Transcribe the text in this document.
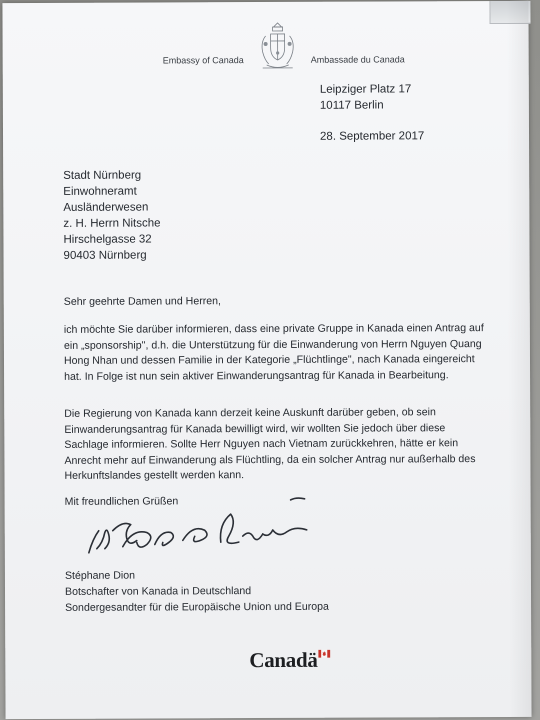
Embassy of Canada	Ambassade du Canada
Leipziger Platz 17
10117 Berlin
28. September 2017
Stadt Nürnberg
Einwohneramt
Ausländerwesen
z. H. Herrn Nitsche
Hirschelgasse 32
90403 Nürnberg
Sehr geehrte Damen und Herren,

ich möchte Sie darüber informieren, dass eine private Gruppe in Kanada einen Antrag auf ein „sponsorship", d.h. die Unterstützung für die Einwanderung von Herrn Nguyen Quang Hong Nhan und dessen Familie in der Kategorie „Flüchtlinge", nach Kanada eingereicht hat. In Folge ist nun sein aktiver Einwanderungsantrag für Kanada in Bearbeitung.

Die Regierung von Kanada kann derzeit keine Auskunft darüber geben, ob sein Einwanderungsantrag für Kanada bewilligt wird, wir wollten Sie jedoch über diese Sachlage informieren. Sollte Herr Nguyen nach Vietnam zurückkehren, hätte er kein Anrecht mehr auf Einwanderung als Flüchtling, da ein solcher Antrag nur außerhalb des Herkunftslandes gestellt werden kann.

Mit freundlichen Grüßen
Stéphane Dion
Botschafter von Kanada in Deutschland
Sondergesandter für die Europäische Union und Europa
Canadä
